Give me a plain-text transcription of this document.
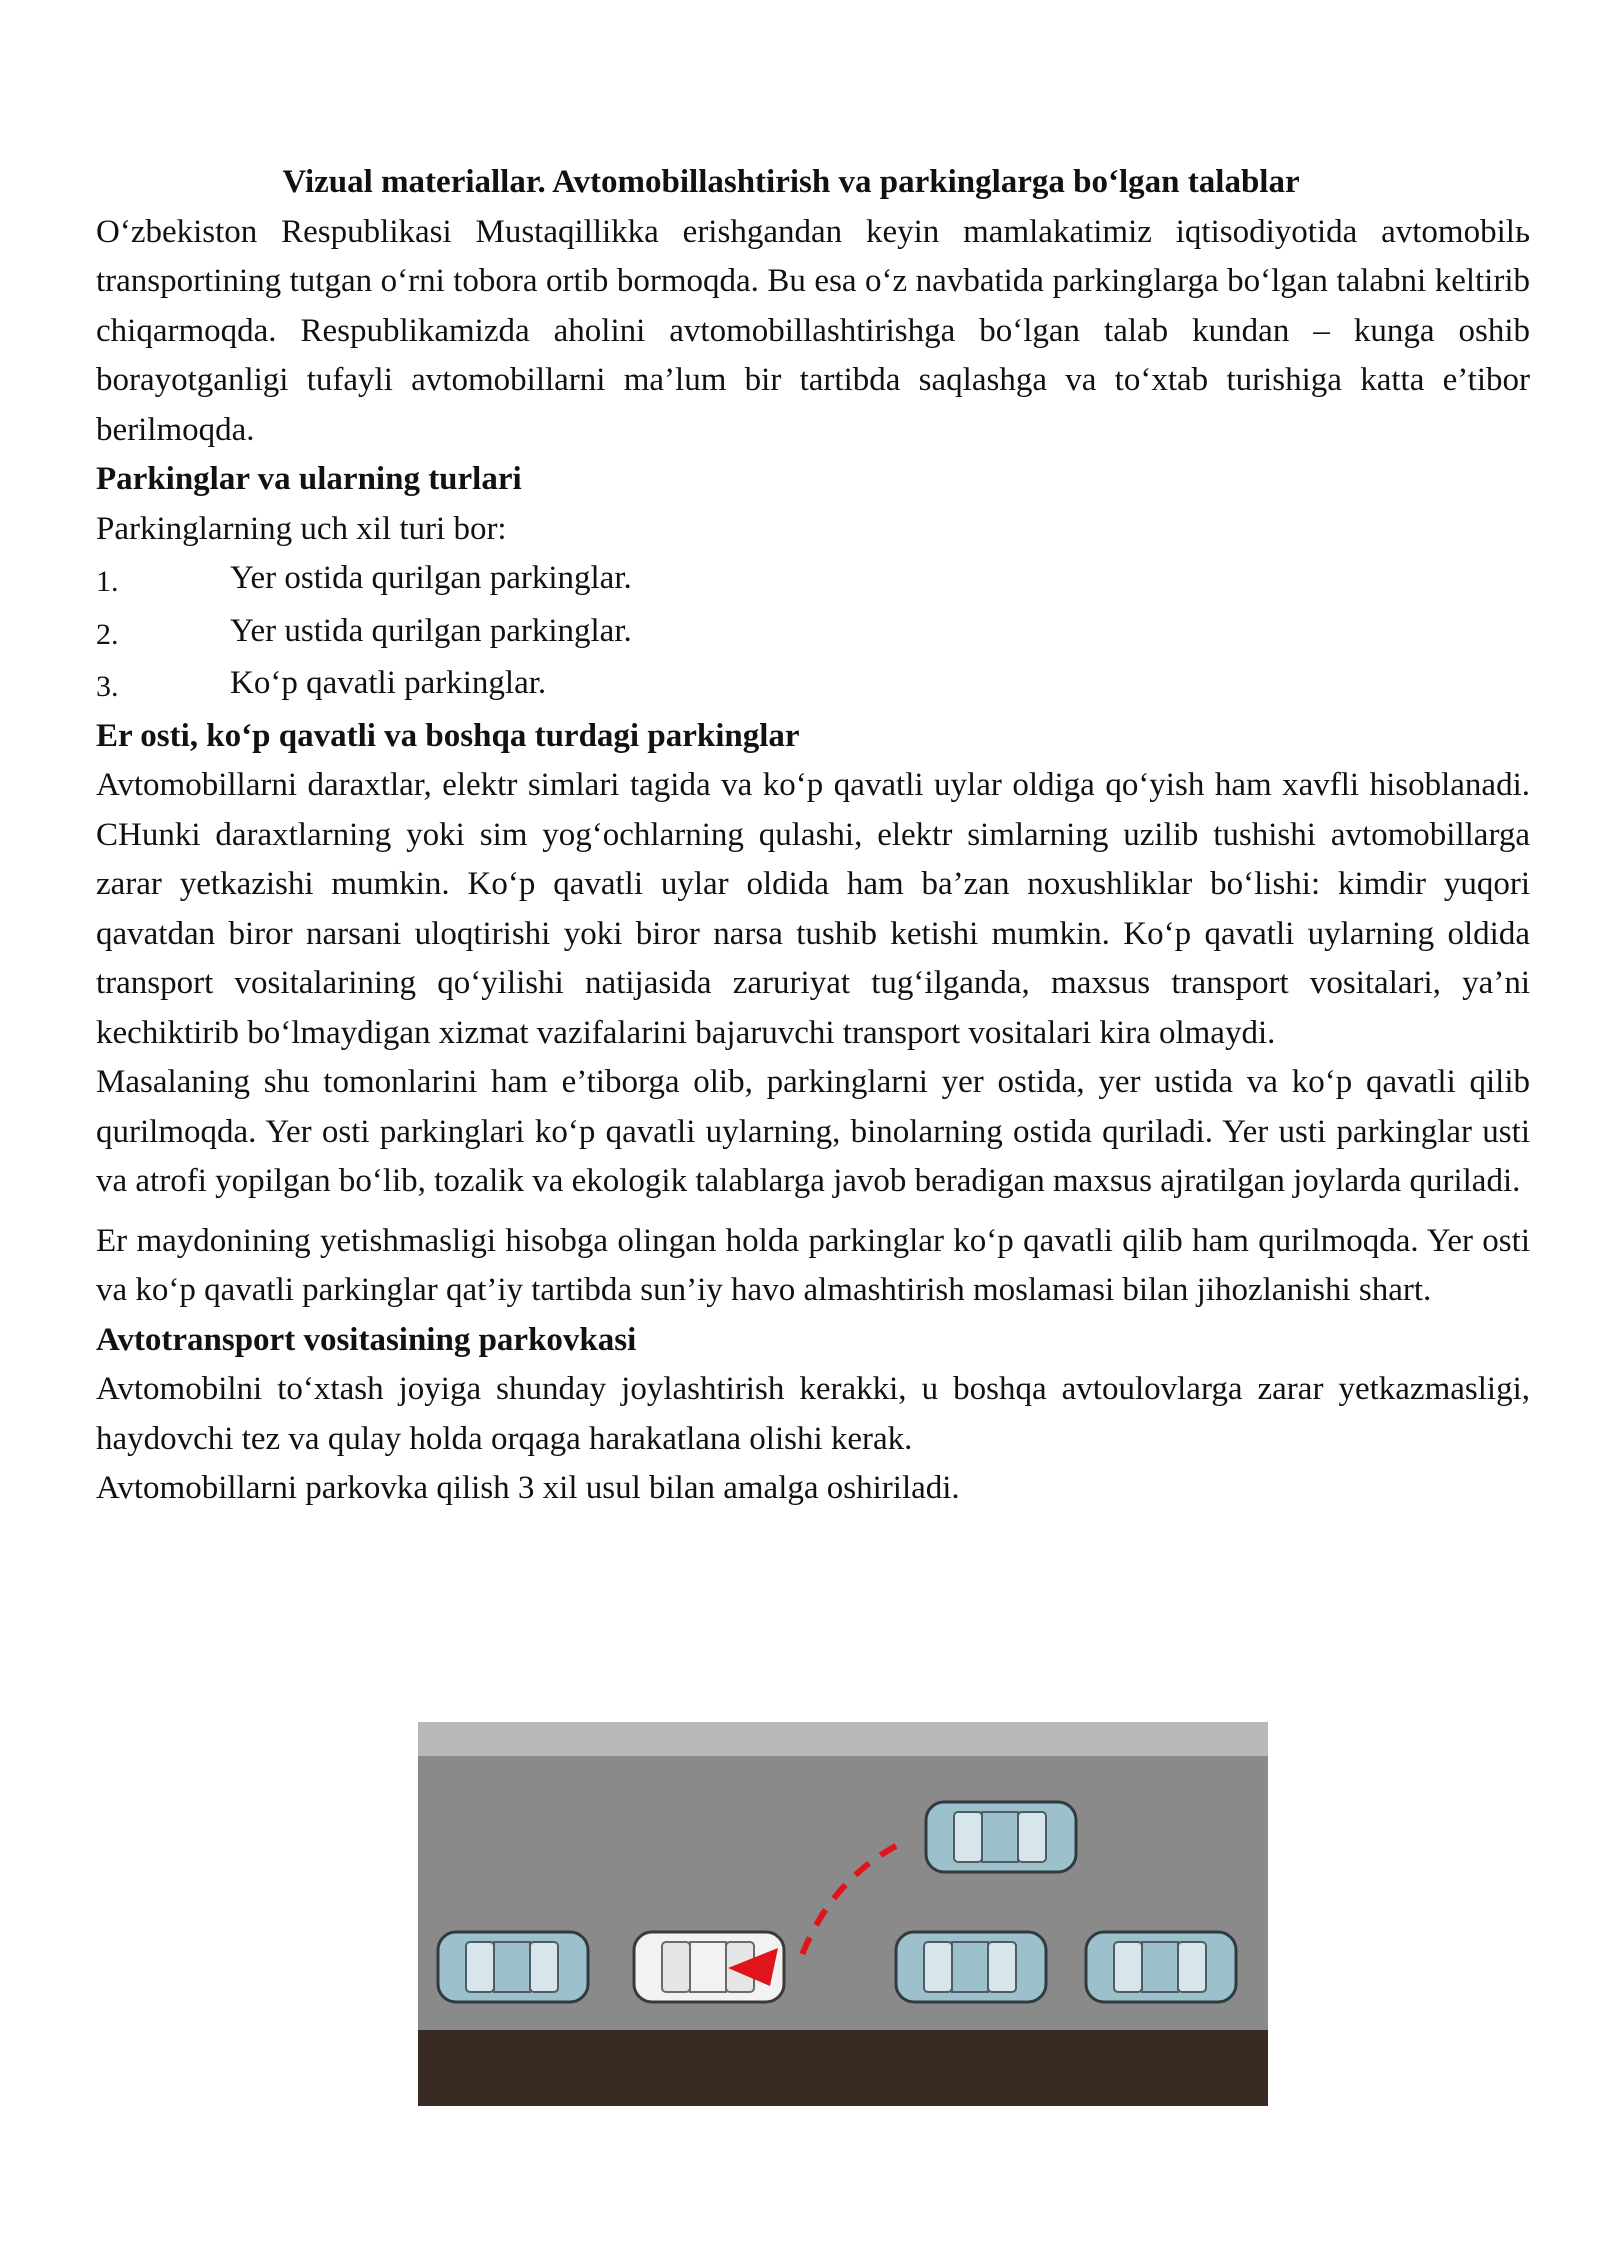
Vizual materiallar. Avtomobillashtirish va parkinglarga bo‘lgan talablar

O‘zbekiston Respublikasi Mustaqillikka erishgandan keyin mamlakatimiz iqtisodiyotida avtomobilь transportining tutgan o‘rni tobora ortib bormoqda. Bu esa o‘z navbatida parkinglarga bo‘lgan talabni keltirib chiqarmoqda. Respublikamizda aholini avtomobillashtirishga bo‘lgan talab kundan – kunga oshib borayotganligi tufayli avtomobillarni ma’lum bir tartibda saqlashga va to‘xtab turishiga katta e’tibor berilmoqda.

Parkinglar va ularning turlari

Parkinglarning uch xil turi bor:

1.	Yer ostida qurilgan parkinglar.
2.	Yer ustida qurilgan parkinglar.
3.	Ko‘p qavatli parkinglar.

Er osti, ko‘p qavatli va boshqa turdagi parkinglar

Avtomobillarni daraxtlar, elektr simlari tagida va ko‘p qavatli uylar oldiga qo‘yish ham xavfli hisoblanadi. CHunki daraxtlarning yoki sim yog‘ochlarning qulashi, elektr simlarning uzilib tushishi avtomobillarga zarar yetkazishi mumkin. Ko‘p qavatli uylar oldida ham ba’zan noxushliklar bo‘lishi: kimdir yuqori qavatdan biror narsani uloqtirishi yoki biror narsa tushib ketishi mumkin. Ko‘p qavatli uylarning oldida transport vositalarining qo‘yilishi natijasida zaruriyat tug‘ilganda, maxsus transport vositalari, ya’ni kechiktirib bo‘lmaydigan xizmat vazifalarini bajaruvchi transport vositalari kira olmaydi.

Masalaning shu tomonlarini ham e’tiborga olib, parkinglarni yer ostida, yer ustida va ko‘p qavatli qilib qurilmoqda. Yer osti parkinglari ko‘p qavatli uylarning, binolarning ostida quriladi. Yer usti parkinglar usti va atrofi yopilgan bo‘lib, tozalik va ekologik talablarga javob beradigan maxsus ajratilgan joylarda quriladi.

Er maydonining yetishmasligi hisobga olingan holda parkinglar ko‘p qavatli qilib ham qurilmoqda. Yer osti va ko‘p qavatli parkinglar qat’iy tartibda sun’iy havo almashtirish moslamasi bilan jihozlanishi shart.

Avtotransport vositasining parkovkasi

Avtomobilni to‘xtash joyiga shunday joylashtirish kerakki, u boshqa avtoulovlarga zarar yetkazmasligi, haydovchi tez va qulay holda orqaga harakatlana olishi kerak.

Avtomobillarni parkovka qilish 3 xil usul bilan amalga oshiriladi.
